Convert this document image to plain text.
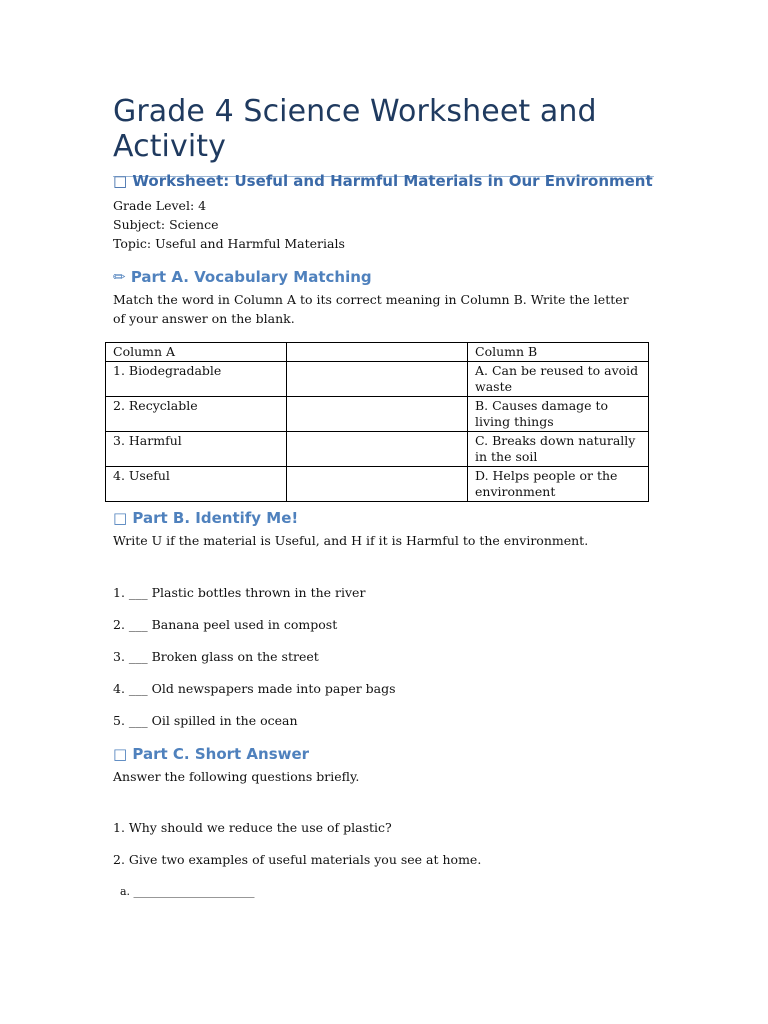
Grade 4 Science Worksheet and Activity
□ Worksheet: Useful and Harmful Materials in Our Environment

Grade Level: 4

Subject: Science

Topic: Useful and Harmful Materials

✏ Part A. Vocabulary Matching

Match the word in Column A to its correct meaning in Column B. Write the letter of your answer on the blank.

Column A		Column B
1. Biodegradable		A. Can be reused to avoid waste
2. Recyclable		B. Causes damage to living things
3. Harmful		C. Breaks down naturally in the soil
4. Useful		D. Helps people or the environment
□ Part B. Identify Me!

Write U if the material is Useful, and H if it is Harmful to the environment.

1. ___ Plastic bottles thrown in the river
2. ___ Banana peel used in compost
3. ___ Broken glass on the street
4. ___ Old newspapers made into paper bags
5. ___ Oil spilled in the ocean
□ Part C. Short Answer

Answer the following questions briefly.

1. Why should we reduce the use of plastic?

2. Give two examples of useful materials you see at home.

a. ______________________
